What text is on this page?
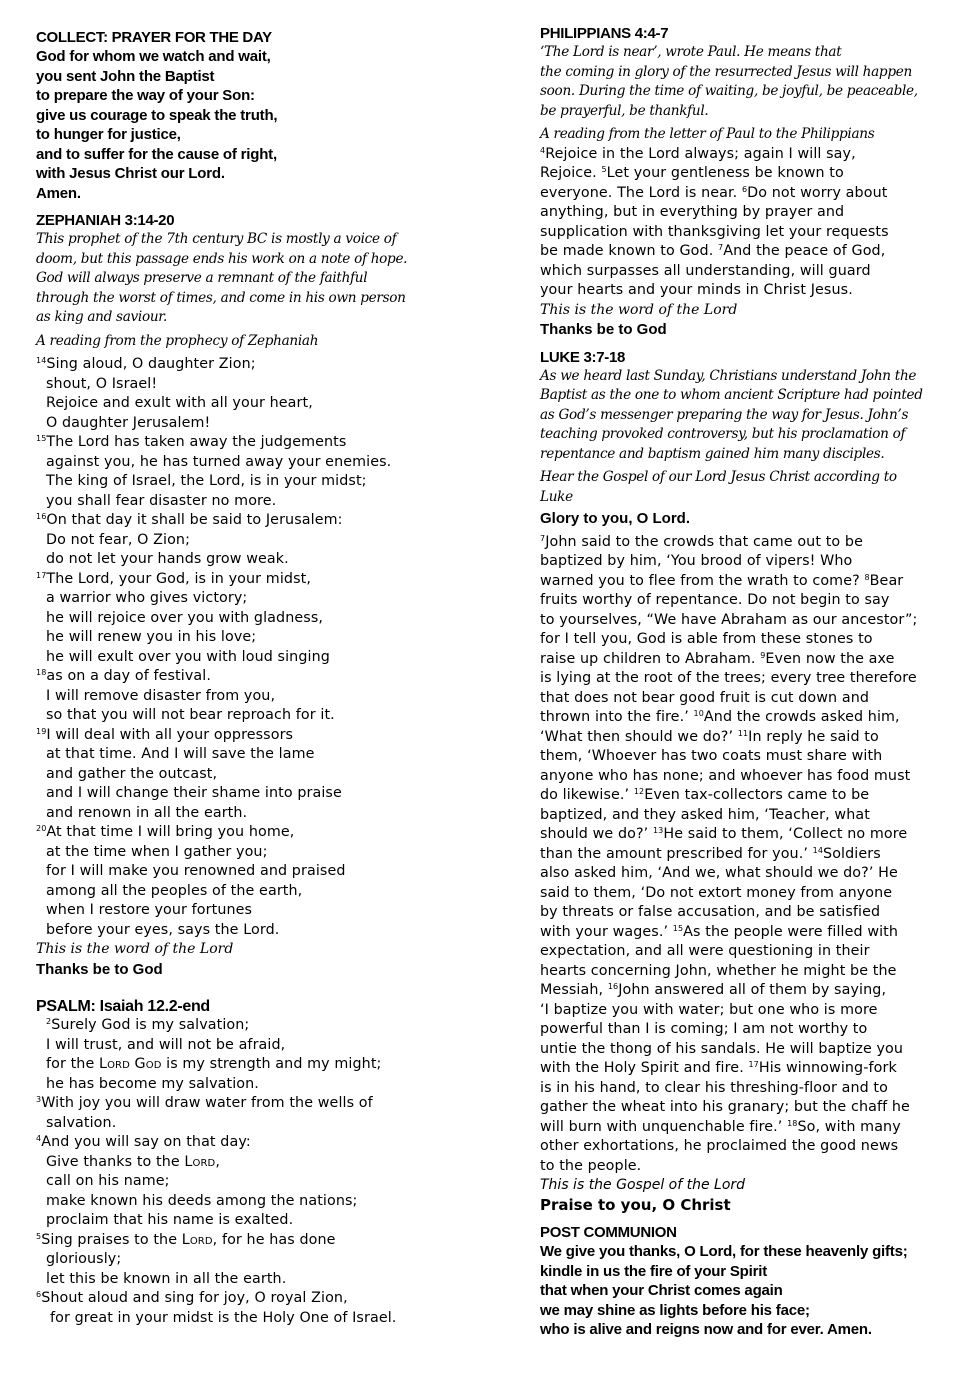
COLLECT: PRAYER FOR THE DAY
God for whom we watch and wait,
you sent John the Baptist
to prepare the way of your Son:
give us courage to speak the truth,
to hunger for justice,
and to suffer for the cause of right,
with Jesus Christ our Lord.
Amen.
ZEPHANIAH 3:14-20
This prophet of the 7th century BC is mostly a voice of
doom, but this passage ends his work on a note of hope.
God will always preserve a remnant of the faithful
through the worst of times, and come in his own person
as king and saviour.
A reading from the prophecy of Zephaniah
$^{14}$Sing aloud, O daughter Zion;
shout, O Israel!
Rejoice and exult with all your heart,
O daughter Jerusalem!
$^{15}$The Lord has taken away the judgements
against you, he has turned away your enemies.
The king of Israel, the Lord, is in your midst;
you shall fear disaster no more.
$^{16}$On that day it shall be said to Jerusalem:
Do not fear, O Zion;
do not let your hands grow weak.
$^{17}$The Lord, your God, is in your midst,
a warrior who gives victory;
he will rejoice over you with gladness,
he will renew you in his love;
he will exult over you with loud singing
$^{18}$as on a day of festival.
I will remove disaster from you,
so that you will not bear reproach for it.
$^{19}$I will deal with all your oppressors
at that time. And I will save the lame
and gather the outcast,
and I will change their shame into praise
and renown in all the earth.
$^{20}$At that time I will bring you home,
at the time when I gather you;
for I will make you renowned and praised
among all the peoples of the earth,
when I restore your fortunes
before your eyes, says the Lord.
This is the word of the Lord
Thanks be to God
PSALM: Isaiah 12.2-end
$^2$Surely God is my salvation;
I will trust, and will not be afraid,
for the Lord God is my strength and my might;
he has become my salvation.
$^3$With joy you will draw water from the wells of
salvation.
$^4$And you will say on that day:
Give thanks to the Lord,
call on his name;
make known his deeds among the nations;
proclaim that his name is exalted.
$^5$Sing praises to the Lord, for he has done
gloriously;
let this be known in all the earth.
$^6$Shout aloud and sing for joy, O royal Zion,
for great in your midst is the Holy One of Israel.
PHILIPPIANS 4:4-7
‘The Lord is near’, wrote Paul. He means that
the coming in glory of the resurrected Jesus will happen
soon. During the time of waiting, be joyful, be peaceable,
be prayerful, be thankful.
A reading from the letter of Paul to the Philippians
$^4$Rejoice in the Lord always; again I will say,
Rejoice. $^5$Let your gentleness be known to
everyone. The Lord is near. $^6$Do not worry about
anything, but in everything by prayer and
supplication with thanksgiving let your requests
be made known to God. $^7$And the peace of God,
which surpasses all understanding, will guard
your hearts and your minds in Christ Jesus.
This is the word of the Lord
Thanks be to God
LUKE 3:7-18
As we heard last Sunday, Christians understand John the
Baptist as the one to whom ancient Scripture had pointed
as God’s messenger preparing the way for Jesus. John’s
teaching provoked controversy, but his proclamation of
repentance and baptism gained him many disciples.
Hear the Gospel of our Lord Jesus Christ according to
Luke
Glory to you, O Lord.
$^7$John said to the crowds that came out to be
baptized by him, ‘You brood of vipers! Who
warned you to flee from the wrath to come? $^8$Bear
fruits worthy of repentance. Do not begin to say
to yourselves, “We have Abraham as our ancestor”;
for I tell you, God is able from these stones to
raise up children to Abraham. $^9$Even now the axe
is lying at the root of the trees; every tree therefore
that does not bear good fruit is cut down and
thrown into the fire.’ $^{10}$And the crowds asked him,
‘What then should we do?’ $^{11}$In reply he said to
them, ‘Whoever has two coats must share with
anyone who has none; and whoever has food must
do likewise.’ $^{12}$Even tax-collectors came to be
baptized, and they asked him, ‘Teacher, what
should we do?’ $^{13}$He said to them, ‘Collect no more
than the amount prescribed for you.’ $^{14}$Soldiers
also asked him, ‘And we, what should we do?’ He
said to them, ‘Do not extort money from anyone
by threats or false accusation, and be satisfied
with your wages.’ $^{15}$As the people were filled with
expectation, and all were questioning in their
hearts concerning John, whether he might be the
Messiah, $^{16}$John answered all of them by saying,
‘I baptize you with water; but one who is more
powerful than I is coming; I am not worthy to
untie the thong of his sandals. He will baptize you
with the Holy Spirit and fire. $^{17}$His winnowing-fork
is in his hand, to clear his threshing-floor and to
gather the wheat into his granary; but the chaff he
will burn with unquenchable fire.’ $^{18}$So, with many
other exhortations, he proclaimed the good news
to the people.
This is the Gospel of the Lord
Praise to you, O Christ
POST COMMUNION
We give you thanks, O Lord, for these heavenly gifts;
kindle in us the fire of your Spirit
that when your Christ comes again
we may shine as lights before his face;
who is alive and reigns now and for ever. Amen.
